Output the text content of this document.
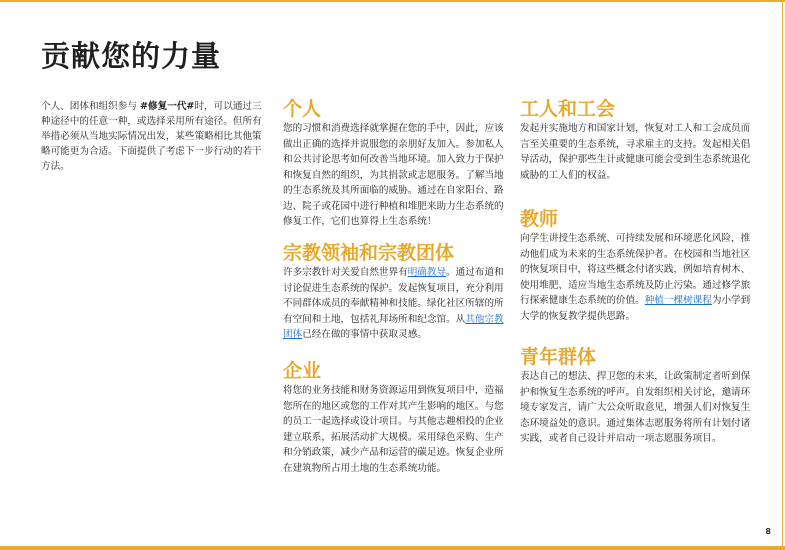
贡献您的力量
个人、团体和组织参与 #修复一代#时，可以通过三种途径中的任意一种，或选择采用所有途径。但所有举措必须从当地实际情况出发，某些策略相比其他策略可能更为合适。下面提供了考虑下一步行动的若干方法。
个人

您的习惯和消费选择就掌握在您的手中，因此，应该做出正确的选择并说服您的亲朋好友加入。参加私人和公共讨论思考如何改善当地环境。加入致力于保护和恢复自然的组织，为其捐款或志愿服务。了解当地的生态系统及其所面临的威胁。通过在自家阳台、路边、院子或花园中进行种植和堆肥来助力生态系统的修复工作，它们也算得上生态系统！

宗教领袖和宗教团体

许多宗教针对关爱自然世界有明确教导。通过布道和讨论促进生态系统的保护。发起恢复项目，充分利用不同群体成员的奉献精神和技能。绿化社区所辖的所有空间和土地，包括礼拜场所和纪念馆。从其他宗教团体已经在做的事情中获取灵感。

企业

将您的业务技能和财务资源运用到恢复项目中，造福您所在的地区或您的工作对其产生影响的地区。与您的员工一起选择或设计项目。与其他志趣相投的企业建立联系，拓展活动扩大规模。采用绿色采购、生产和分销政策，减少产品和运营的碳足迹。恢复企业所在建筑物所占用土地的生态系统功能。

工人和工会

发起并实施地方和国家计划，恢复对工人和工会成员而言至关重要的生态系统，寻求雇主的支持。发起相关倡导活动，保护那些生计或健康可能会受到生态系统退化威胁的工人们的权益。

教师

向学生讲授生态系统、可持续发展和环境恶化风险，推动他们成为未来的生态系统保护者。在校园和当地社区的恢复项目中，将这些概念付诸实践，例如培育树木、使用堆肥、适应当地生态系统及防止污染。通过修学旅行探索健康生态系统的价值。种植一棵树课程为小学到大学的恢复教学提供思路。

青年群体

表达自己的想法、捍卫您的未来，让政策制定者听到保护和恢复生态系统的呼声。自发组织相关讨论，邀请环境专家发言，请广大公众听取意见，增强人们对恢复生态环境益处的意识。通过集体志愿服务将所有计划付诸实践，或者自己设计并启动一项志愿服务项目。

8
